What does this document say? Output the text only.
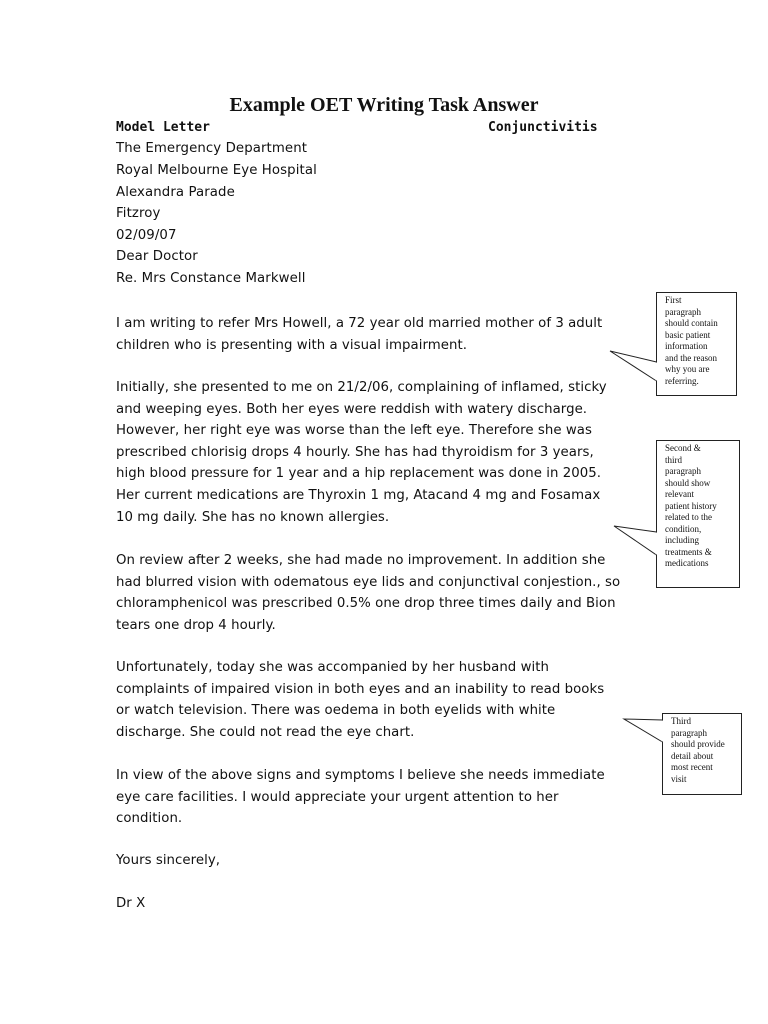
Example OET Writing Task Answer
Model Letter	Conjunctivitis
The Emergency Department
Royal Melbourne Eye Hospital
Alexandra Parade
Fitzroy
02/09/07
Dear Doctor
Re. Mrs Constance Markwell
I am writing to refer Mrs Howell, a 72 year old married mother of 3 adult
children who is presenting with a visual impairment.
Initially, she presented to me on 21/2/06, complaining of inflamed, sticky
and weeping eyes. Both her eyes were reddish with watery discharge.
However, her right eye was worse than the left eye. Therefore she was
prescribed chlorisig drops 4 hourly. She has had thyroidism for 3 years,
high blood pressure for 1 year and a hip replacement was done in 2005.
Her current medications are Thyroxin 1 mg, Atacand 4 mg and Fosamax
10 mg daily. She has no known allergies.
On review after 2 weeks, she had made no improvement. In addition she
had blurred vision with odematous eye lids and conjunctival conjestion., so
chloramphenicol was prescribed 0.5% one drop three times daily and Bion
tears one drop 4 hourly.
Unfortunately, today she was accompanied by her husband with
complaints of impaired vision in both eyes and an inability to read books
or watch television. There was oedema in both eyelids with white
discharge. She could not read the eye chart.
In view of the above signs and symptoms I believe she needs immediate
eye care facilities. I would appreciate your urgent attention to her
condition.
Yours sincerely,
Dr X
First
paragraph
should contain
basic patient
information
and the reason
why you are
referring.
Second &
third
paragraph
should show
relevant
patient history
related to the
condition,
including
treatments &
medications
Third
paragraph
should provide
detail about
most recent
visit
